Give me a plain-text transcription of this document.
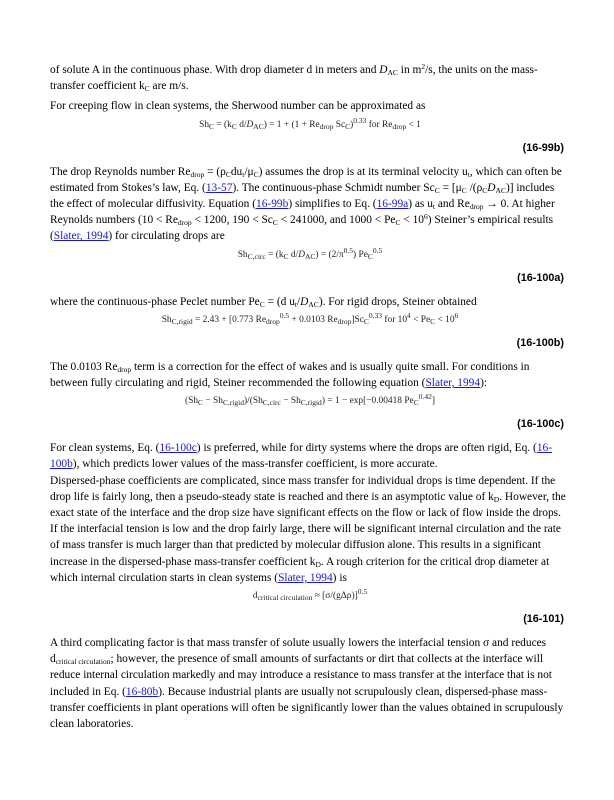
of solute A in the continuous phase. With drop diameter d in meters and $D_{AC}$ in $m^2/s$, the units on the mass-transfer coefficient $k_C$ are m/s.

For creeping flow in clean systems, the Sherwood number can be approximated as

$Sh_C = (k_C$ $d/D_{AC}) = 1 + (1 + Re_{drop}$ $Sc_C)^{0.33}$ for $Re_{drop} < 1$
(16-99b)

The drop Reynolds number $Re_{drop} = (\rho_Cdu_t/\mu_C)$ assumes the drop is at its terminal velocity $u_t$, which can often be estimated from Stokes’s law, Eq. (13-57). The continuous-phase Schmidt number $Sc_C = [\mu_C$ $/(\rho_CD_{AC})$] includes the effect of molecular diffusivity. Equation (16-99b) simplifies to Eq. (16-99a) as $u_t$ and $Re_{drop} \to 0$. At higher Reynolds numbers ($10 < Re_{drop} < 1200$, $190 < Sc_C < 241000$, and $1000 < Pe_C < 10^6$) Steiner’s empirical results (Slater, 1994) for circulating drops are

$Sh_{C,circ} = (k_C$ $d/D_{AC}) = (2/\pi^{0.5})$ $Pe_C^{0.5}$
(16-100a)

where the continuous-phase Peclet number $Pe_C = (d$ $u_t/D_{AC}$). For rigid drops, Steiner obtained

$Sh_{C,rigid} = 2.43 + [0.773$ $Re_{drop}^{0.5} + 0.0103$ $Re_{drop}]Sc_C^{0.33}$ for $10^4 < Pe_C < 10^6$
(16-100b)

The 0.0103 $Re_{drop}$ term is a correction for the effect of wakes and is usually quite small. For conditions in between fully circulating and rigid, Steiner recommended the following equation (Slater, 1994):

$(Sh_C - Sh_{C,rigid})/(Sh_{C,circ} - Sh_{C,rigid}) = 1 - \exp[-0.00418$ $Pe_C^{0.42}$]
(16-100c)

For clean systems, Eq. (16-100c) is preferred, while for dirty systems where the drops are often rigid, Eq. (16-100b), which predicts lower values of the mass-transfer coefficient, is more accurate.

Dispersed-phase coefficients are complicated, since mass transfer for individual drops is time dependent. If the drop life is fairly long, then a pseudo-steady state is reached and there is an asymptotic value of $k_D$. However, the exact state of the interface and the drop size have significant effects on the flow or lack of flow inside the drops. If the interfacial tension is low and the drop fairly large, there will be significant internal circulation and the rate of mass transfer is much larger than that predicted by molecular diffusion alone. This results in a significant increase in the dispersed-phase mass-transfer coefficient $k_D$. A rough criterion for the critical drop diameter at which internal circulation starts in clean systems (Slater, 1994) is

$d_{critical circulation} \approx [\sigma/(g\Delta\rho)]^{0.5}$
(16-101)

A third complicating factor is that mass transfer of solute usually lowers the interfacial tension σ and reduces $d_{critical circulation}$; however, the presence of small amounts of surfactants or dirt that collects at the interface will reduce internal circulation markedly and may introduce a resistance to mass transfer at the interface that is not included in Eq. (16-80b). Because industrial plants are usually not scrupulously clean, dispersed-phase mass-transfer coefficients in plant operations will often be significantly lower than the values obtained in scrupulously clean laboratories.
